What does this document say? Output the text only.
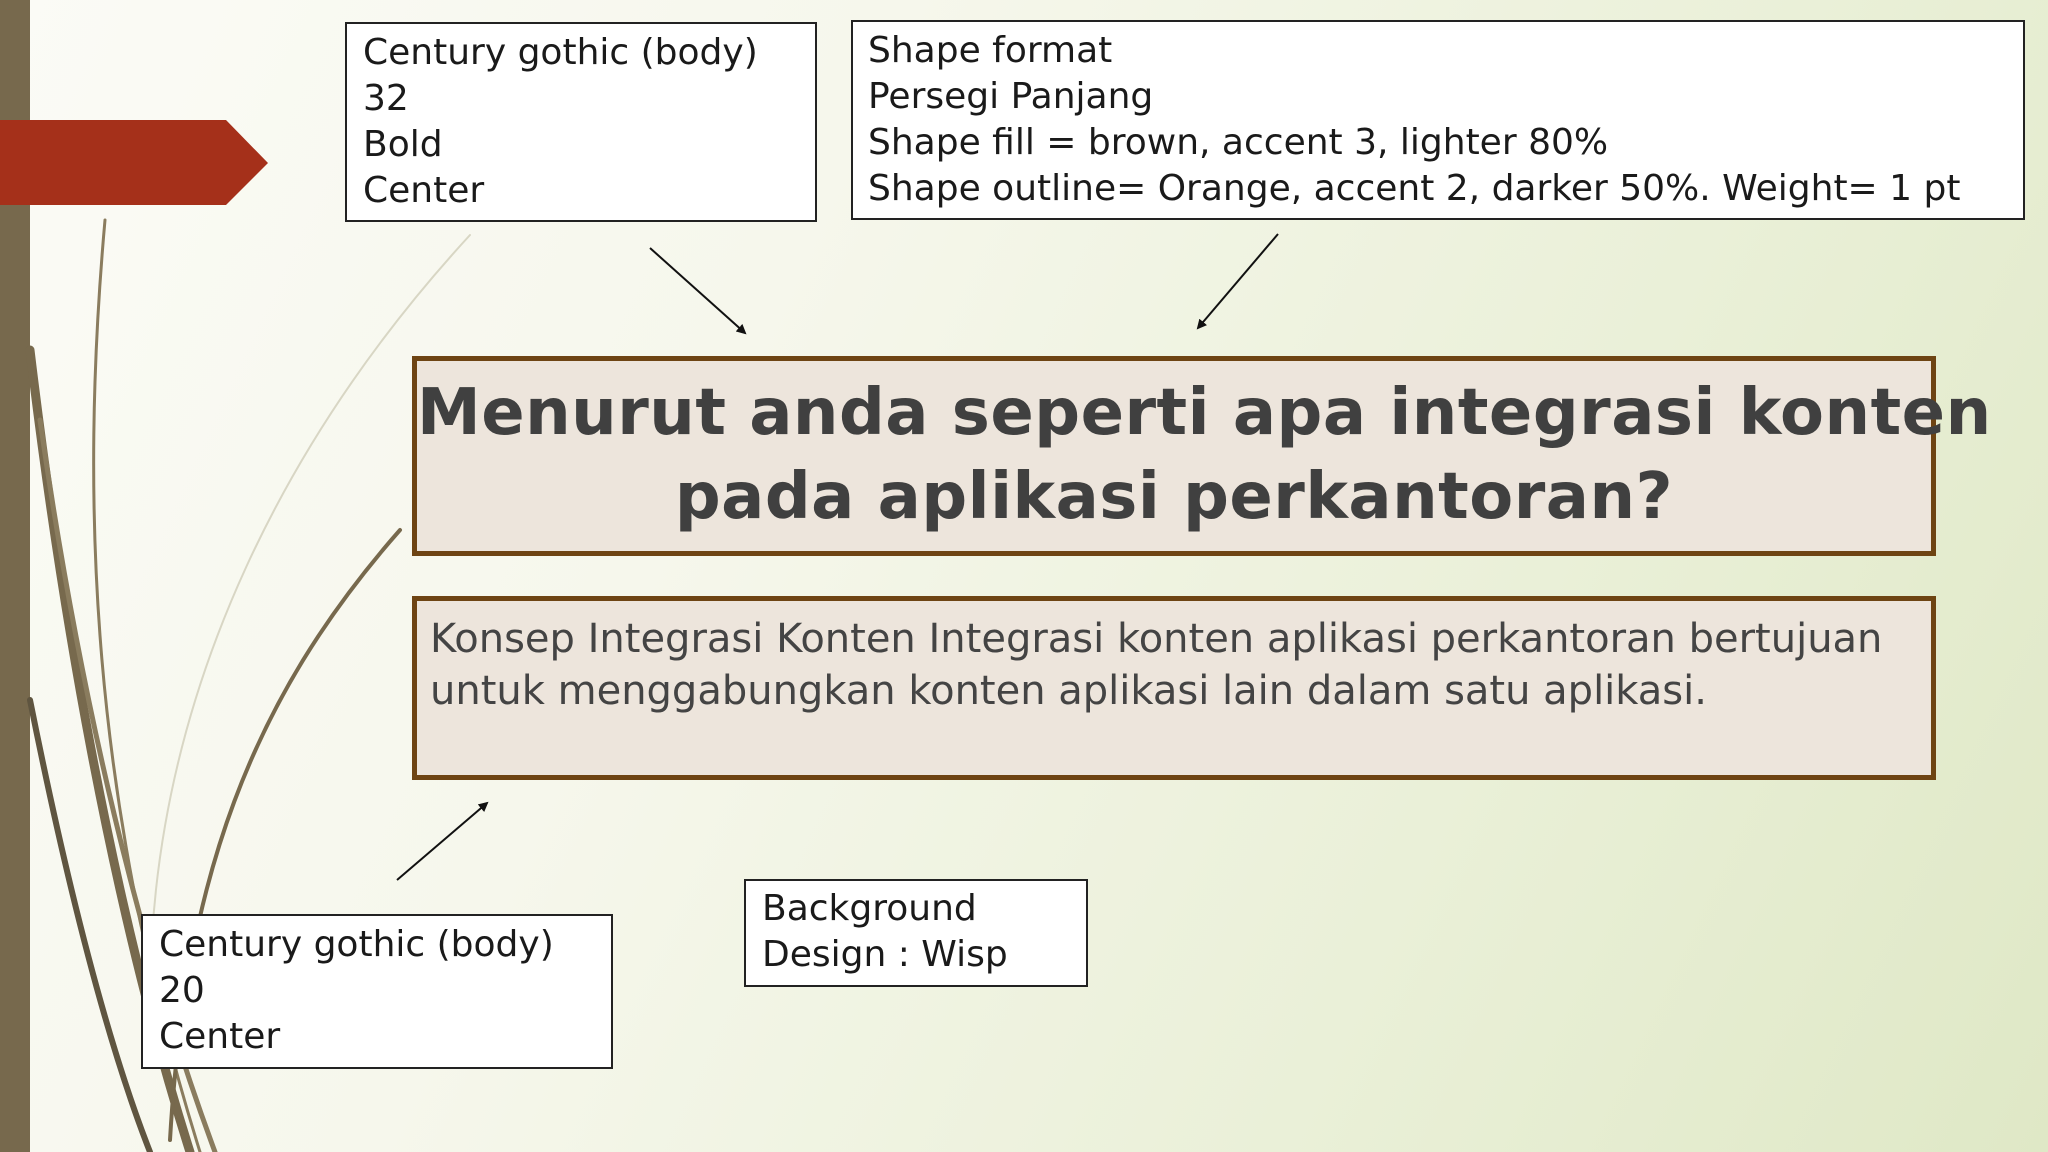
Century gothic (body)
32
Bold
Center
Shape format
Persegi Panjang
Shape fill = brown, accent 3, lighter 80%
Shape outline= Orange, accent 2, darker 50%. Weight= 1 pt
Menurut anda seperti apa integrasi konten
pada aplikasi perkantoran?
Konsep Integrasi Konten Integrasi konten aplikasi perkantoran bertujuan
untuk menggabungkan konten aplikasi lain dalam satu aplikasi.
Background
Design : Wisp
Century gothic (body)
20
Center
